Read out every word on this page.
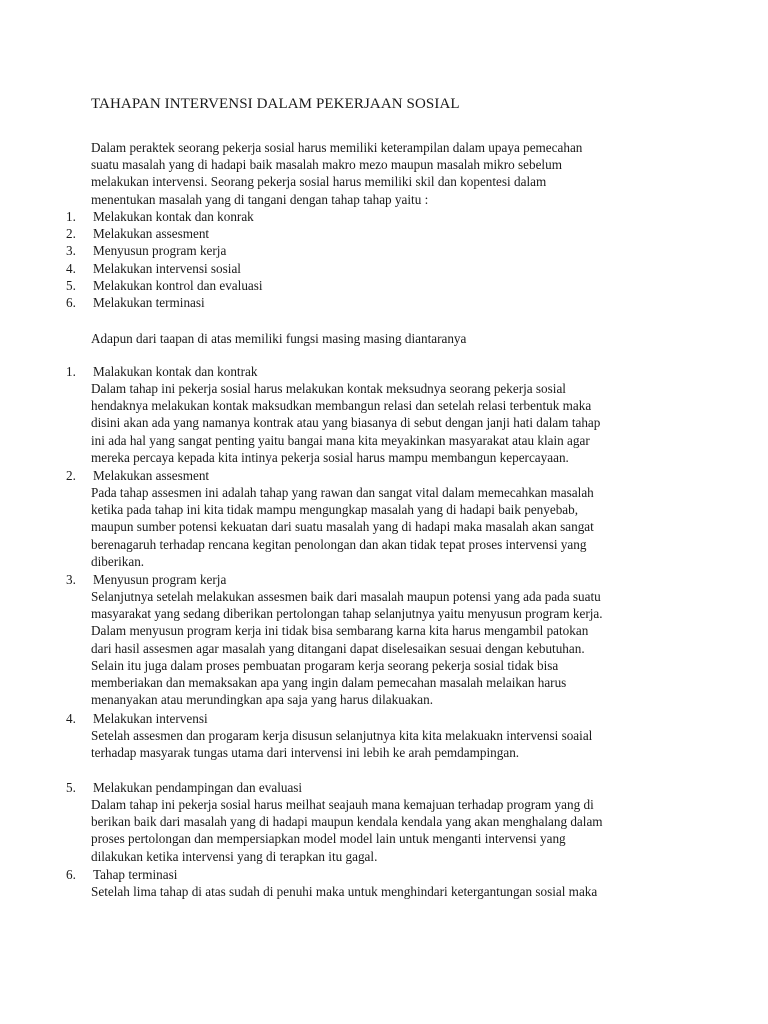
TAHAPAN INTERVENSI DALAM PEKERJAAN SOSIAL
Dalam peraktek seorang pekerja sosial harus memiliki keterampilan dalam upaya pemecahan
suatu masalah yang di hadapi baik masalah makro mezo maupun masalah mikro sebelum
melakukan intervensi. Seorang pekerja sosial harus memiliki skil dan kopentesi dalam
menentukan masalah yang di tangani dengan tahap tahap yaitu :
1. Melakukan kontak dan konrak
2. Melakukan assesment
3. Menyusun program kerja
4. Melakukan intervensi sosial
5. Melakukan kontrol dan evaluasi
6. Melakukan terminasi
Adapun dari taapan di atas memiliki fungsi masing masing diantaranya
1. Malakukan kontak dan kontrak
Dalam tahap ini pekerja sosial harus melakukan kontak meksudnya seorang pekerja sosial
hendaknya melakukan kontak maksudkan membangun relasi dan setelah relasi terbentuk maka
disini akan ada yang namanya kontrak atau yang biasanya di sebut dengan janji hati dalam tahap
ini ada hal yang sangat penting yaitu bangai mana kita meyakinkan masyarakat atau klain agar
mereka percaya kepada kita intinya pekerja sosial harus mampu membangun kepercayaan.
2. Melakukan assesment
Pada tahap assesmen ini adalah tahap yang rawan dan sangat vital dalam memecahkan masalah
ketika pada tahap ini kita tidak mampu mengungkap masalah yang di hadapi baik penyebab,
maupun sumber potensi kekuatan dari suatu masalah yang di hadapi maka masalah akan sangat
berenagaruh terhadap rencana kegitan penolongan dan akan tidak tepat proses intervensi yang
diberikan.
3. Menyusun program kerja
Selanjutnya setelah melakukan assesmen baik dari masalah maupun potensi yang ada pada suatu
masyarakat yang sedang diberikan pertolongan tahap selanjutnya yaitu menyusun program kerja.
Dalam menyusun program kerja ini tidak bisa sembarang karna kita harus mengambil patokan
dari hasil assesmen agar masalah yang ditangani dapat diselesaikan sesuai dengan kebutuhan.
Selain itu juga dalam proses pembuatan progaram kerja seorang pekerja sosial tidak bisa
memberiakan dan memaksakan apa yang ingin dalam pemecahan masalah melaikan harus
menanyakan atau merundingkan apa saja yang harus dilakuakan.
4. Melakukan intervensi
Setelah assesmen dan progaram kerja disusun selanjutnya kita kita melakuakn intervensi soaial
terhadap masyarak tungas utama dari intervensi ini lebih ke arah pemdampingan.
5. Melakukan pendampingan dan evaluasi
Dalam tahap ini pekerja sosial harus meilhat seajauh mana kemajuan terhadap program yang di
berikan baik dari masalah yang di hadapi maupun kendala kendala yang akan menghalang dalam
proses pertolongan dan mempersiapkan model model lain untuk menganti intervensi yang
dilakukan ketika intervensi yang di terapkan itu gagal.
6. Tahap terminasi
Setelah lima tahap di atas sudah di penuhi maka untuk menghindari ketergantungan sosial maka
